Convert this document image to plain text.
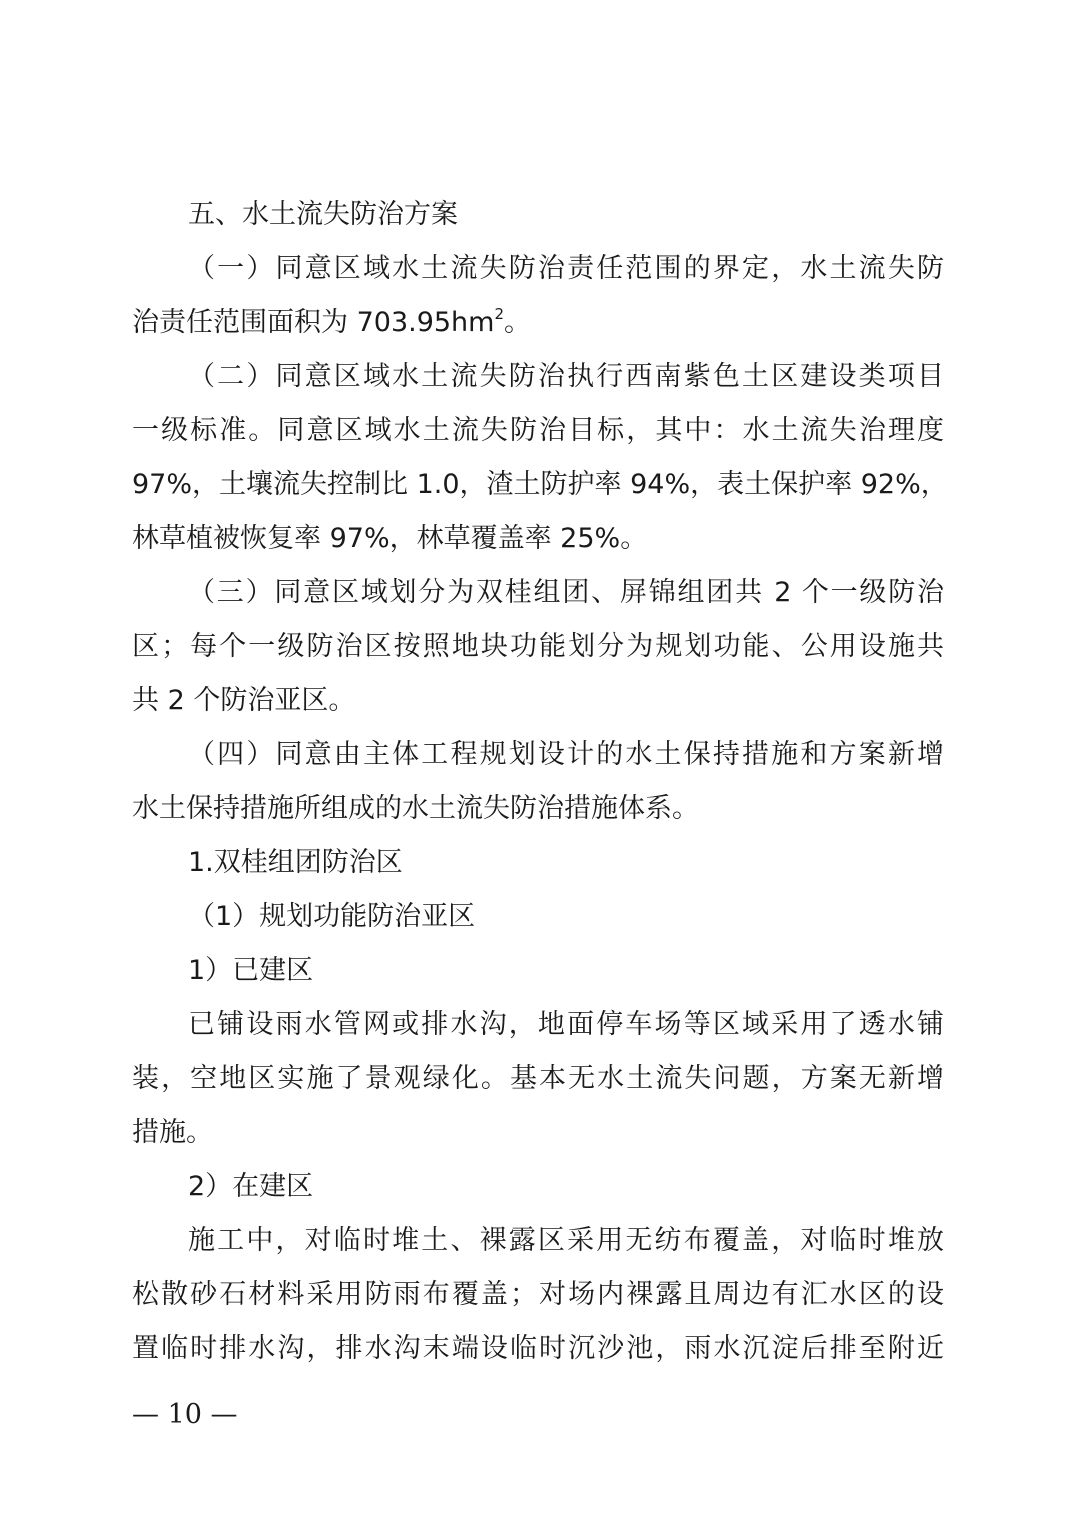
五、水土流失防治方案
（一）同意区域水土流失防治责任范围的界定，水土流失防
治责任范围面积为 $703.95hm^2$。
（二）同意区域水土流失防治执行西南紫色土区建设类项目
一级标准。同意区域水土流失防治目标，其中：水土流失治理度
97%，土壤流失控制比 1.0，渣土防护率 94%，表土保护率 92%，
林草植被恢复率 97%，林草覆盖率 25%。
（三）同意区域划分为双桂组团、屏锦组团共 2 个一级防治
区；每个一级防治区按照地块功能划分为规划功能、公用设施共
共 2 个防治亚区。
（四）同意由主体工程规划设计的水土保持措施和方案新增
水土保持措施所组成的水土流失防治措施体系。
1.双桂组团防治区
（1）规划功能防治亚区
1）已建区
已铺设雨水管网或排水沟，地面停车场等区域采用了透水铺
装，空地区实施了景观绿化。基本无水土流失问题，方案无新增
措施。
2）在建区
施工中，对临时堆土、裸露区采用无纺布覆盖，对临时堆放
松散砂石材料采用防雨布覆盖；对场内裸露且周边有汇水区的设
置临时排水沟，排水沟末端设临时沉沙池，雨水沉淀后排至附近
— 10 —
